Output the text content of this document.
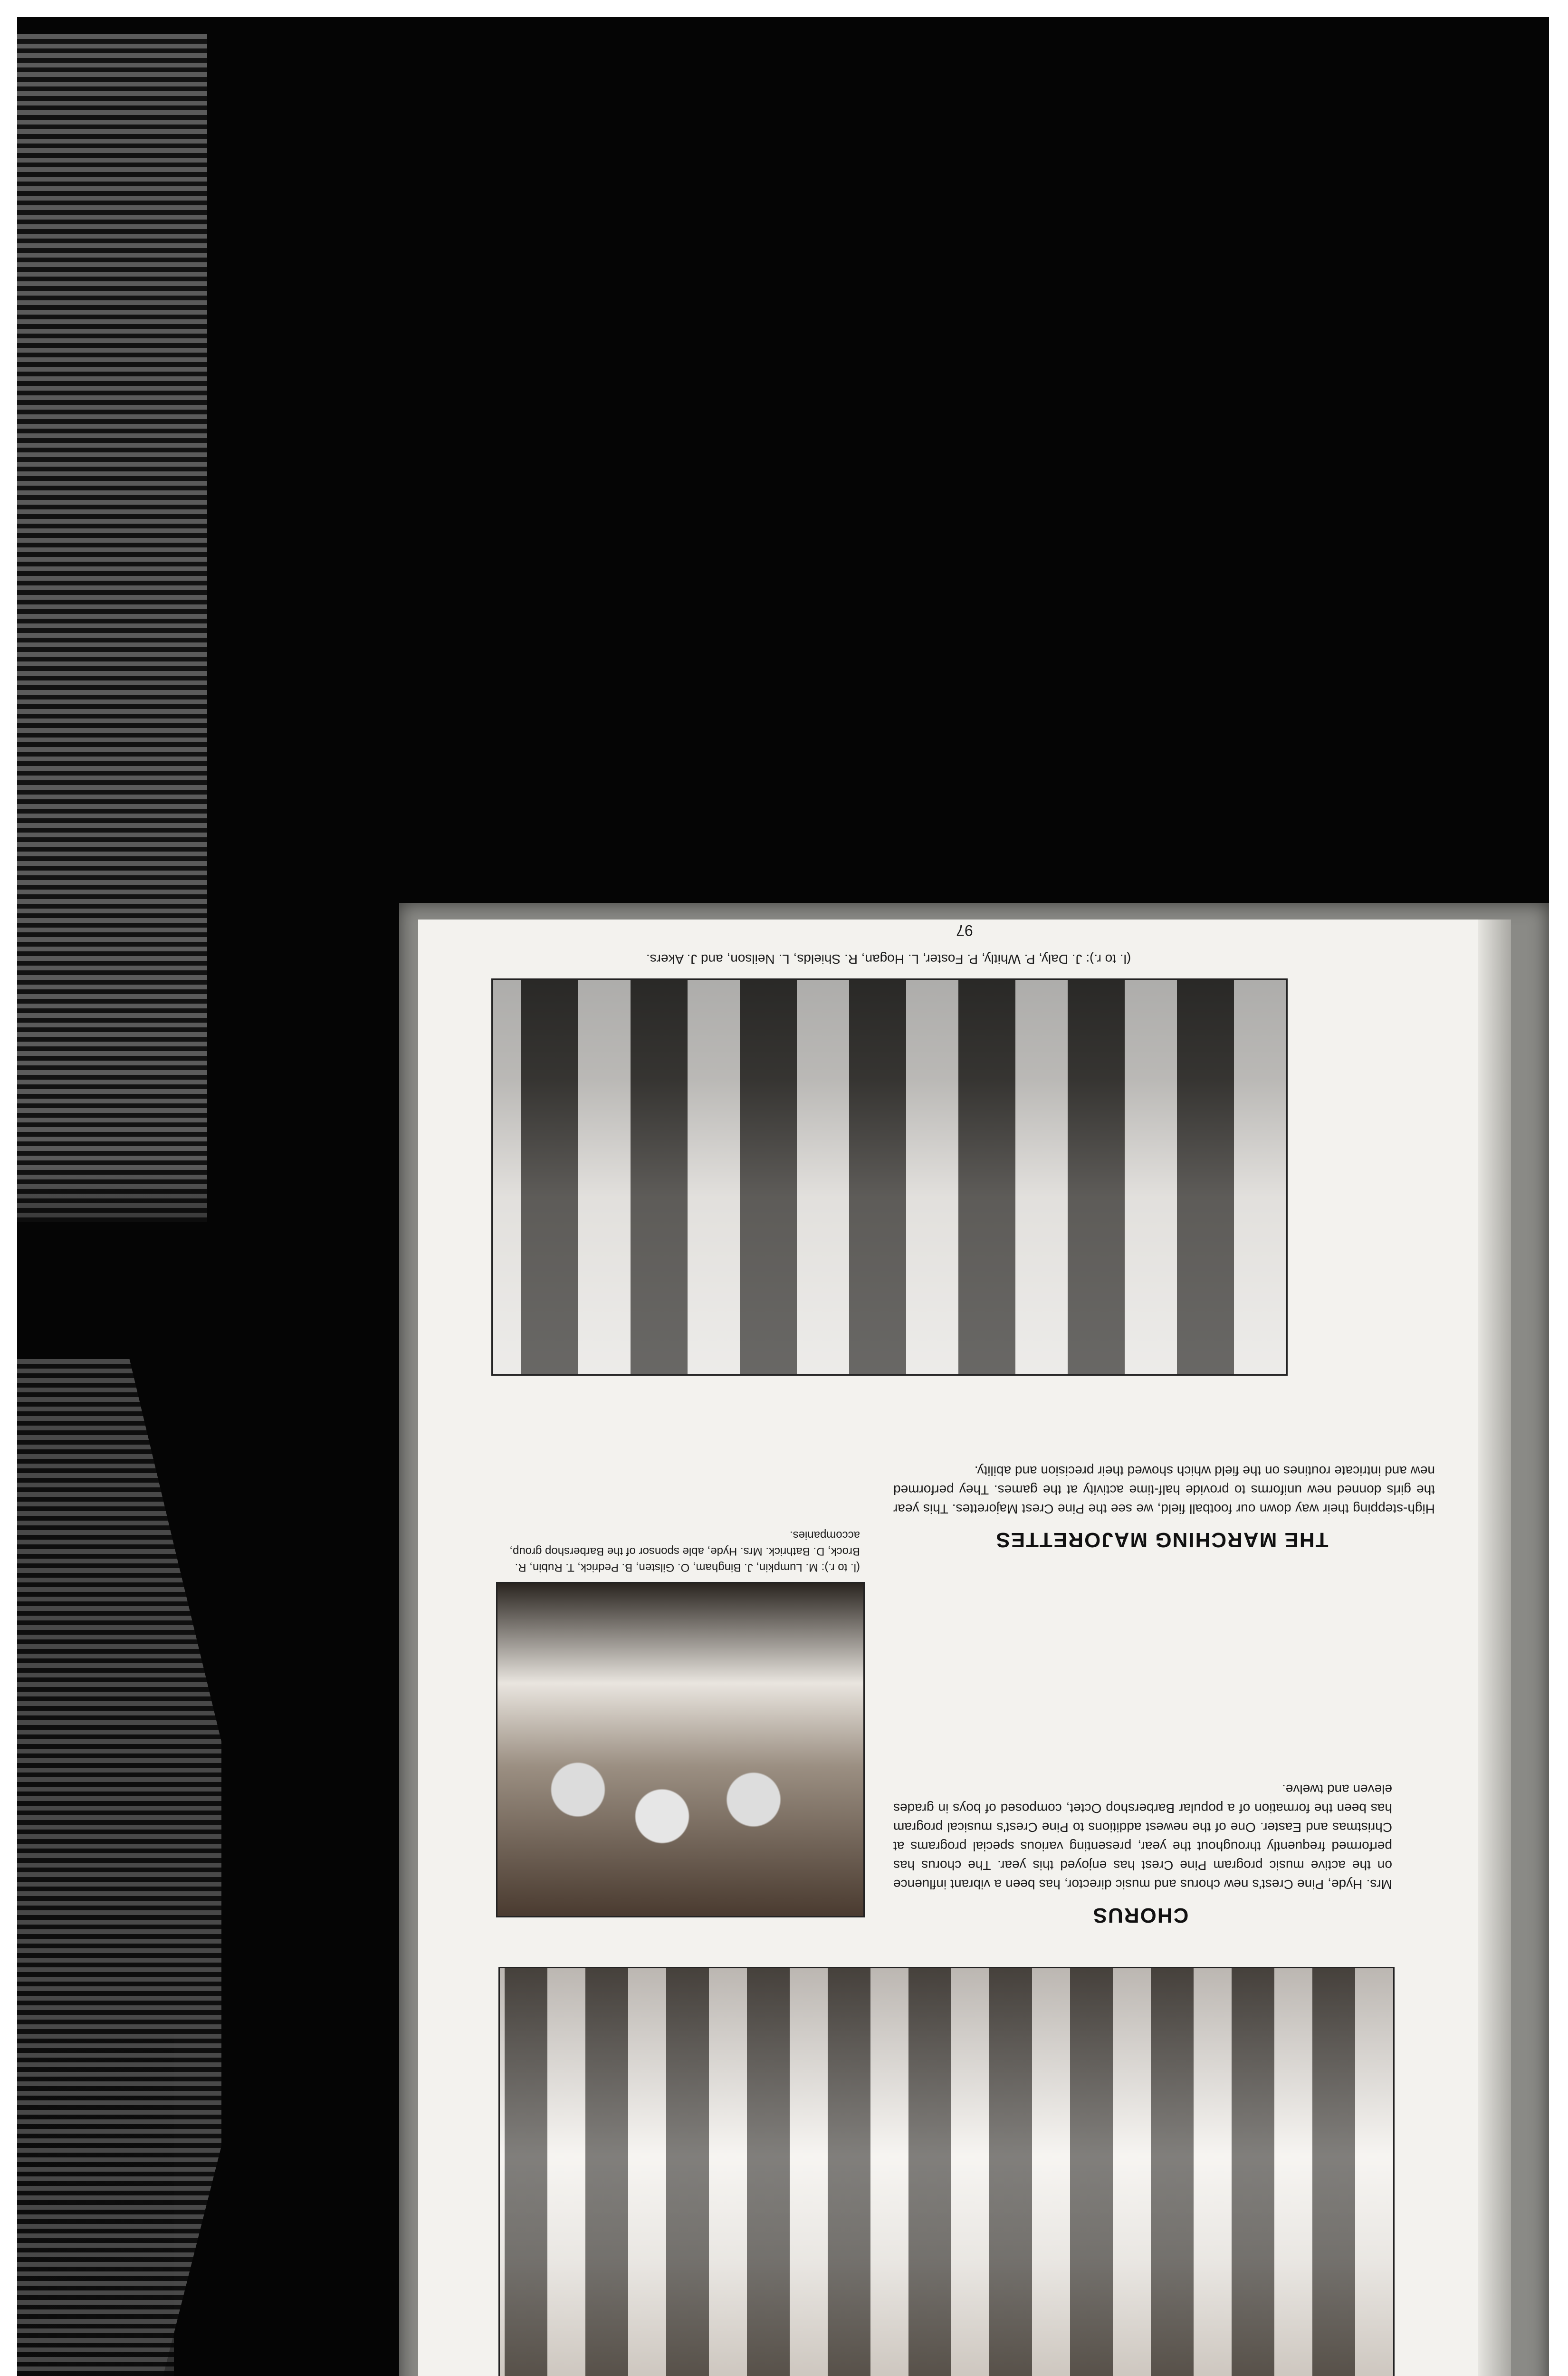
CHORUS
Mrs. Hyde, Pine Crest's new chorus and music director, has been a vibrant influence on the active music program Pine Crest has enjoyed this year. The chorus has performed frequently throughout the year, presenting various special programs at Christmas and Easter. One of the newest additions to Pine Crest's musical program has been the formation of a popular Barbershop Octet, composed of boys in grades eleven and twelve.
(l. to r.): M. Lumpkin, J. Bingham, O. Gilsten, B. Pedrick, T. Rubin, R. Brock, D. Bathrick. Mrs. Hyde, able sponsor of the Barbershop group, accompanies.	THE MARCHING MAJORETTES
High-stepping their way down our football field, we see the Pine Crest Majorettes. This year the girls donned new uniforms to provide half-time activity at the games. They performed new and intricate routines on the field which showed their precision and ability.
(l. to r.): J. Daly, P. Whitly, P. Foster, L. Hogan, R. Shields, L. Neilson, and J. Akers.
97
